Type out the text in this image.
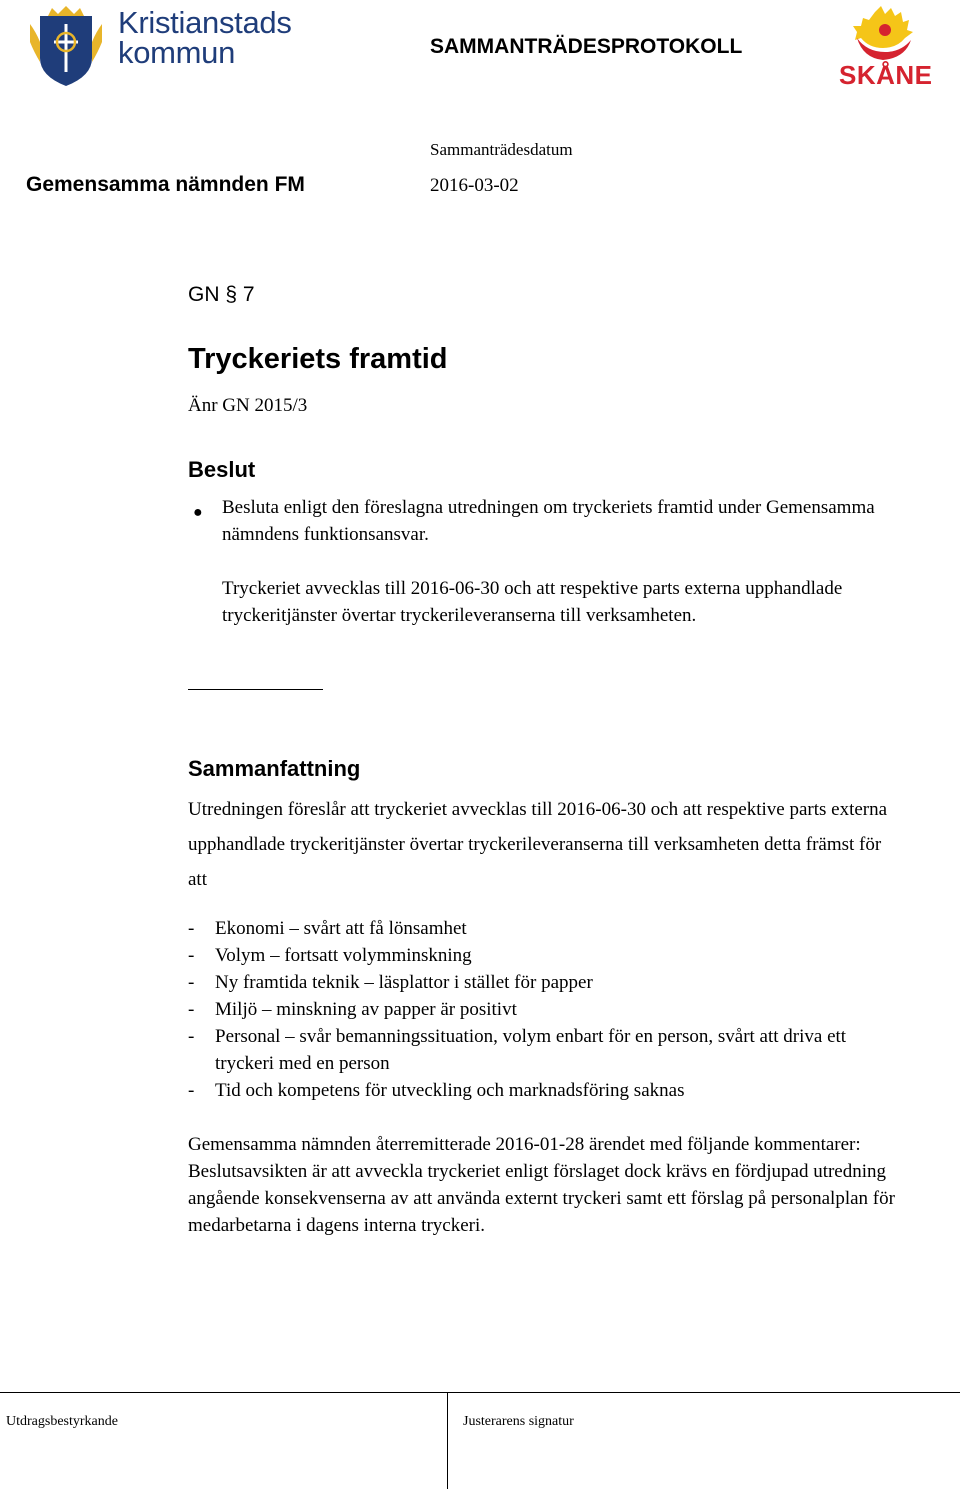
Kristianstads
kommun	SAMMANTRÄDESPROTOKOLL
SKÅNE
Sammanträdesdatum
Gemensamma nämnden FM	2016-03-02
GN § 7
Tryckeriets framtid
Änr GN 2015/3
Beslut
● Besluta enligt den föreslagna utredningen om tryckeriets framtid under Gemensamma nämndens funktionsansvar.
Tryckeriet avvecklas till 2016-06-30 och att respektive parts externa upphandlade tryckeritjänster övertar tryckerileveranserna till verksamheten.
Sammanfattning
Utredningen föreslår att tryckeriet avvecklas till 2016-06-30 och att respektive parts externa upphandlade tryckeritjänster övertar tryckerileveranserna till verksamheten detta främst för att
-	Ekonomi – svårt att få lönsamhet
-	Volym – fortsatt volymminskning
-	Ny framtida teknik – läsplattor i stället för papper
-	Miljö – minskning av papper är positivt
-	Personal – svår bemanningssituation, volym enbart för en person, svårt att driva ett tryckeri med en person
-	Tid och kompetens för utveckling och marknadsföring saknas
Gemensamma nämnden återremitterade 2016-01-28 ärendet med följande kommentarer: Beslutsavsikten är att avveckla tryckeriet enligt förslaget dock krävs en fördjupad utredning angående konsekvenserna av att använda externt tryckeri samt ett förslag på personalplan för medarbetarna i dagens interna tryckeri.
Utdragsbestyrkande	Justerarens signatur
